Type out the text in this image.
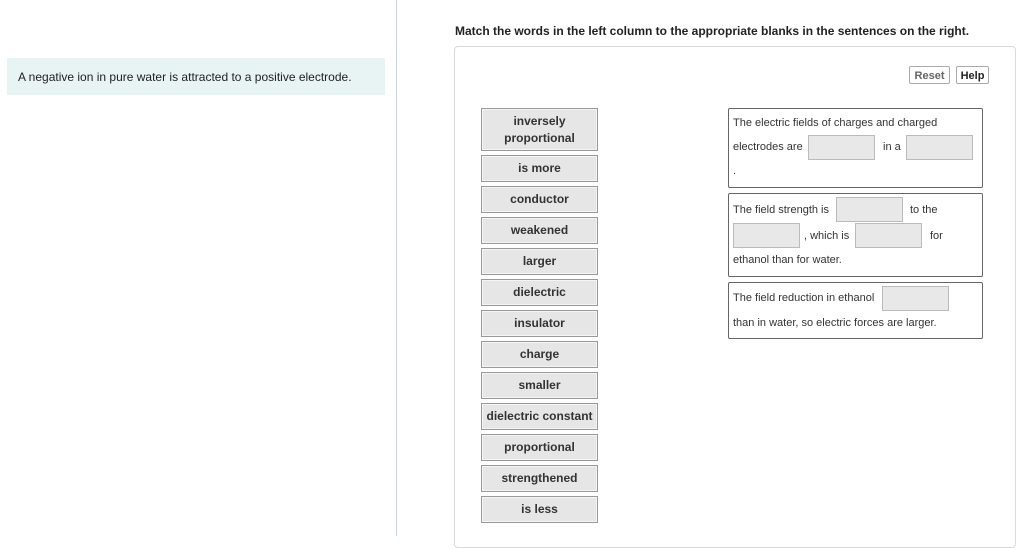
A negative ion in pure water is attracted to a positive electrode.
Match the words in the left column to the appropriate blanks in the sentences on the right.
Reset	Help
inversely proportional
is more
conductor
weakened
larger
dielectric
insulator
charge
smaller
dielectric constant
proportional
strengthened
is less
The electric fields of charges and charged
electrodes are	in a
.
The field strength is	to the
, which is	for
ethanol than for water.
The field reduction in ethanol
than in water, so electric forces are larger.
